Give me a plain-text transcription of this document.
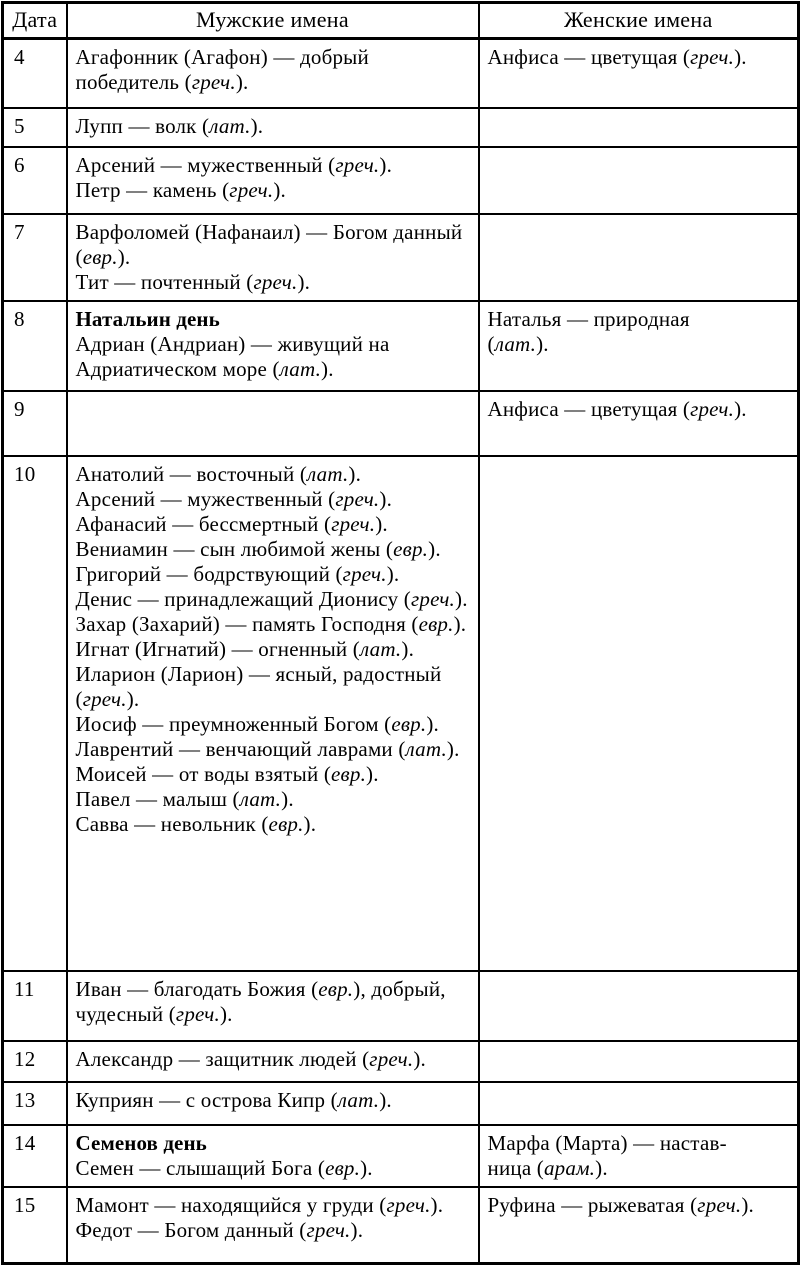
Дата	Мужские имена	Женские имена
4	Агафонник (Агафон) — добрый победитель (греч.).	Анфиса — цветущая (греч.).

5	Лупп — волк (лат.).	

6	Арсений — мужественный (греч.).
Петр — камень (греч.).	

7	Варфоломей (Нафанаил) — Богом данный (евр.).
Тит — почтенный (греч.).	

8	Натальин день
Адриан (Андриан) — живущий на Адриатическом море (лат.).	Наталья — природная (лат.).

9		Анфиса — цветущая (греч.).

10	Анатолий — восточный (лат.).
Арсений — мужественный (греч.).
Афанасий — бессмертный (греч.).
Вениамин — сын любимой жены (евр.).
Григорий — бодрствующий (греч.).
Денис — принадлежащий Дионису (греч.).
Захар (Захарий) — память Господня (евр.).
Игнат (Игнатий) — огненный (лат.).
Иларион (Ларион) — ясный, радостный (греч.).
Иосиф — преумноженный Богом (евр.).
Лаврентий — венчающий лаврами (лат.).
Моисей — от воды взятый (евр.).
Павел — малыш (лат.).
Савва — невольник (евр.).

11	Иван — благодать Божия (евр.), добрый, чудесный (греч.).	

12	Александр — защитник людей (греч.).	

13	Куприян — с острова Кипр (лат.).	

14	Семенов день
Семен — слышащий Бога (евр.).	Марфа (Марта) — наставница (арам.).

15	Мамонт — находящийся у груди (греч.).
Федот — Богом данный (греч.).	Руфина — рыжеватая (греч.).
